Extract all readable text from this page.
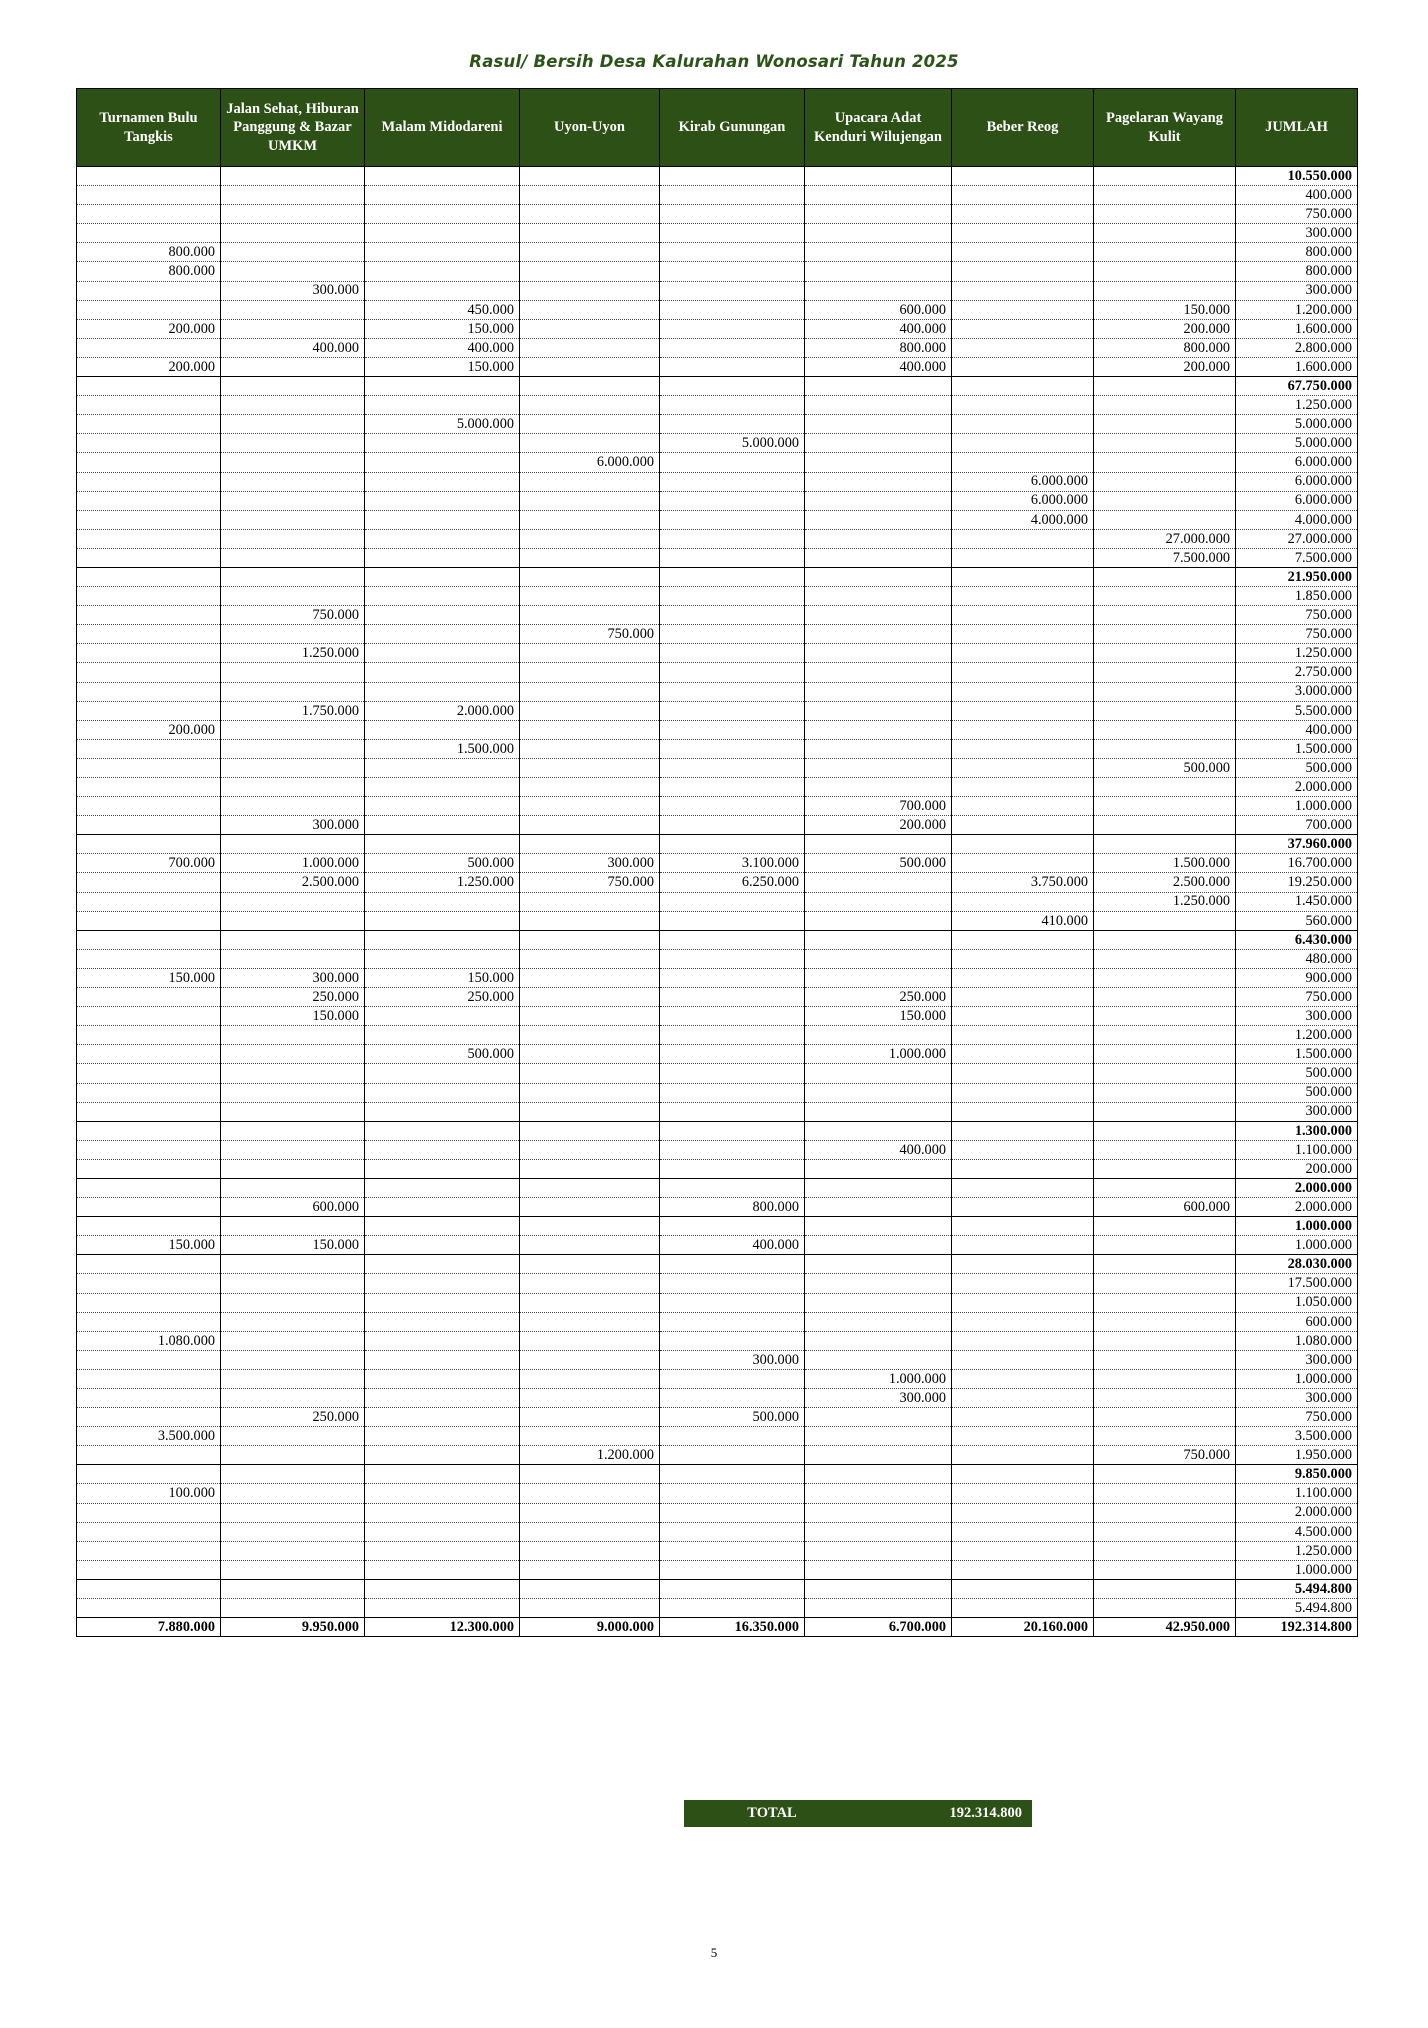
Rasul/ Bersih Desa Kalurahan Wonosari Tahun 2025
Turnamen Bulu Tangkis	Jalan Sehat, Hiburan Panggung & Bazar UMKM	Malam Midodareni	Uyon-Uyon	Kirab Gunungan	Upacara Adat Kenduri Wilujengan	Beber Reog	Pagelaran Wayang Kulit	JUMLAH
								10.550.000
								400.000
								750.000
								300.000
800.000								800.000
800.000								800.000
	300.000							300.000
		450.000			600.000		150.000	1.200.000
200.000		150.000			400.000		200.000	1.600.000
	400.000	400.000			800.000		800.000	2.800.000
200.000		150.000			400.000		200.000	1.600.000
								67.750.000
								1.250.000
		5.000.000						5.000.000
				5.000.000				5.000.000
			6.000.000					6.000.000
						6.000.000		6.000.000
						6.000.000		6.000.000
						4.000.000		4.000.000
							27.000.000	27.000.000
							7.500.000	7.500.000
								21.950.000
								1.850.000
	750.000							750.000
			750.000					750.000
	1.250.000							1.250.000
								2.750.000
								3.000.000
	1.750.000	2.000.000						5.500.000
200.000								400.000
		1.500.000						1.500.000
							500.000	500.000
								2.000.000
					700.000			1.000.000
	300.000				200.000			700.000
								37.960.000
700.000	1.000.000	500.000	300.000	3.100.000	500.000		1.500.000	16.700.000
	2.500.000	1.250.000	750.000	6.250.000		3.750.000	2.500.000	19.250.000
							1.250.000	1.450.000
						410.000		560.000
								6.430.000
								480.000
150.000	300.000	150.000						900.000
	250.000	250.000			250.000			750.000
	150.000				150.000			300.000
								1.200.000
		500.000			1.000.000			1.500.000
								500.000
								500.000
								300.000
								1.300.000
					400.000			1.100.000
								200.000
								2.000.000
	600.000			800.000			600.000	2.000.000
								1.000.000
150.000	150.000			400.000				1.000.000
								28.030.000
								17.500.000
								1.050.000
								600.000
1.080.000								1.080.000
				300.000				300.000
					1.000.000			1.000.000
					300.000			300.000
	250.000			500.000				750.000
3.500.000								3.500.000
			1.200.000				750.000	1.950.000
								9.850.000
100.000								1.100.000
								2.000.000
								4.500.000
								1.250.000
								1.000.000
								5.494.800
								5.494.800
7.880.000	9.950.000	12.300.000	9.000.000	16.350.000	6.700.000	20.160.000	42.950.000	192.314.800
TOTAL	192.314.800
5
